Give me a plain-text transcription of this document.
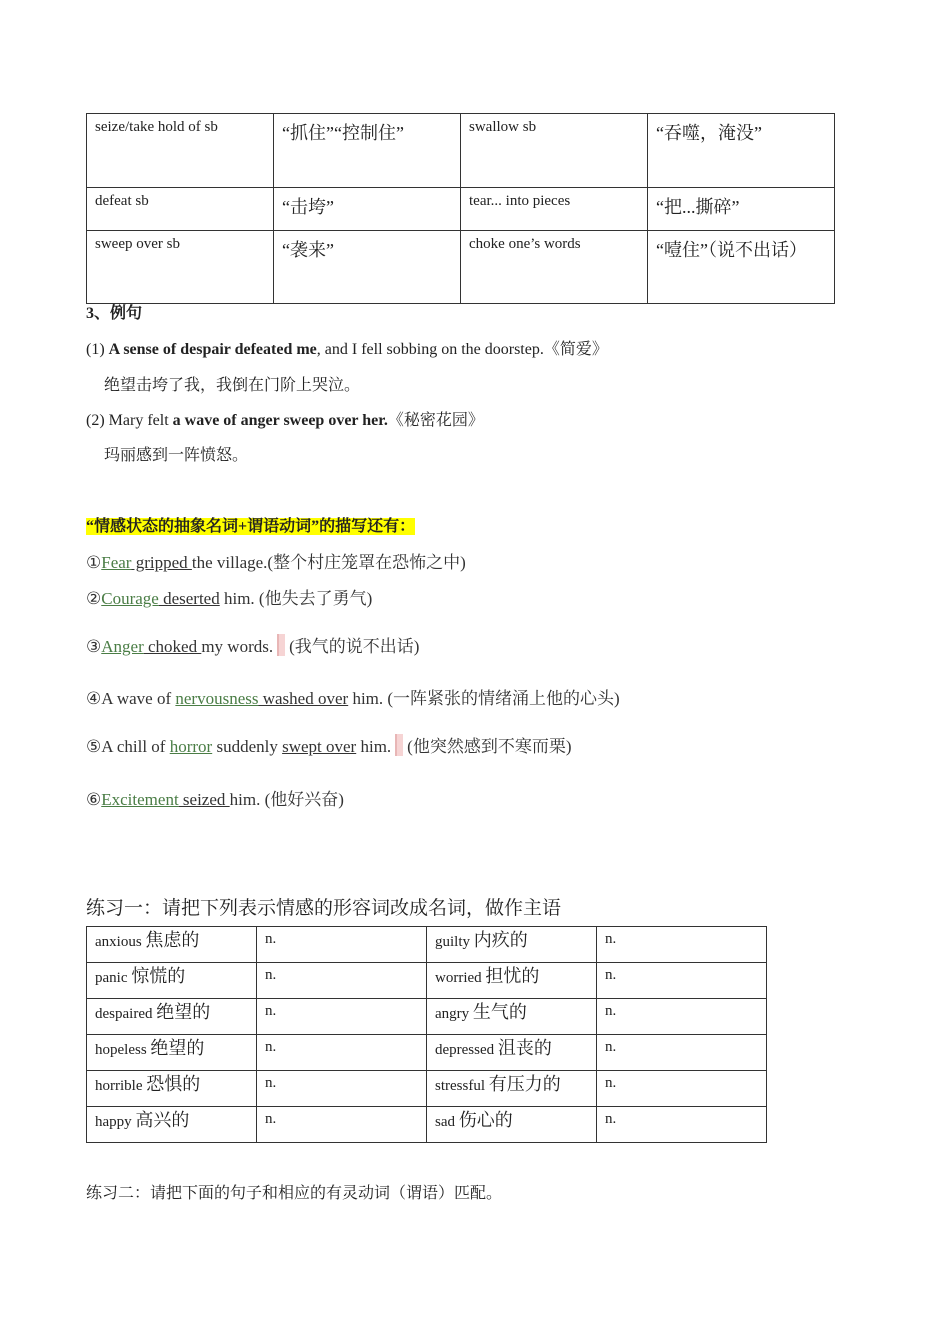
seize/take hold of sb	“抓住”“控制住”	swallow sb	“吞噬，淹没”
defeat sb	“击垮”	tear... into pieces	“把...撕碎”
sweep over sb	“袭来”	choke one’s words	“噎住”（说不出话）
3、例句
(1) A sense of despair defeated me, and I fell sobbing on the doorstep.《简爱》
绝望击垮了我，我倒在门阶上哭泣。
(2) Mary felt a wave of anger sweep over her.《秘密花园》
玛丽感到一阵愤怒。
“情感状态的抽象名词+谓语动词”的描写还有：
①Fear gripped the village.(整个村庄笼罩在恐怖之中)
②Courage deserted him. (他失去了勇气)
③Anger choked my words. (我气的说不出话)
④A wave of nervousness washed over him. (一阵紧张的情绪涌上他的心头)
⑤A chill of horror suddenly swept over him. (他突然感到不寒而栗)
⑥Excitement seized him. (他好兴奋)
练习一：请把下列表示情感的形容词改成名词，做作主语
anxious 焦虑的	n.	guilty 内疚的	n.
panic 惊慌的	n.	worried 担忧的	n.
despaired 绝望的	n.	angry 生气的	n.
hopeless 绝望的	n.	depressed 沮丧的	n.
horrible 恐惧的	n.	stressful 有压力的	n.
happy 高兴的	n.	sad 伤心的	n.
练习二：请把下面的句子和相应的有灵动词（谓语）匹配。
